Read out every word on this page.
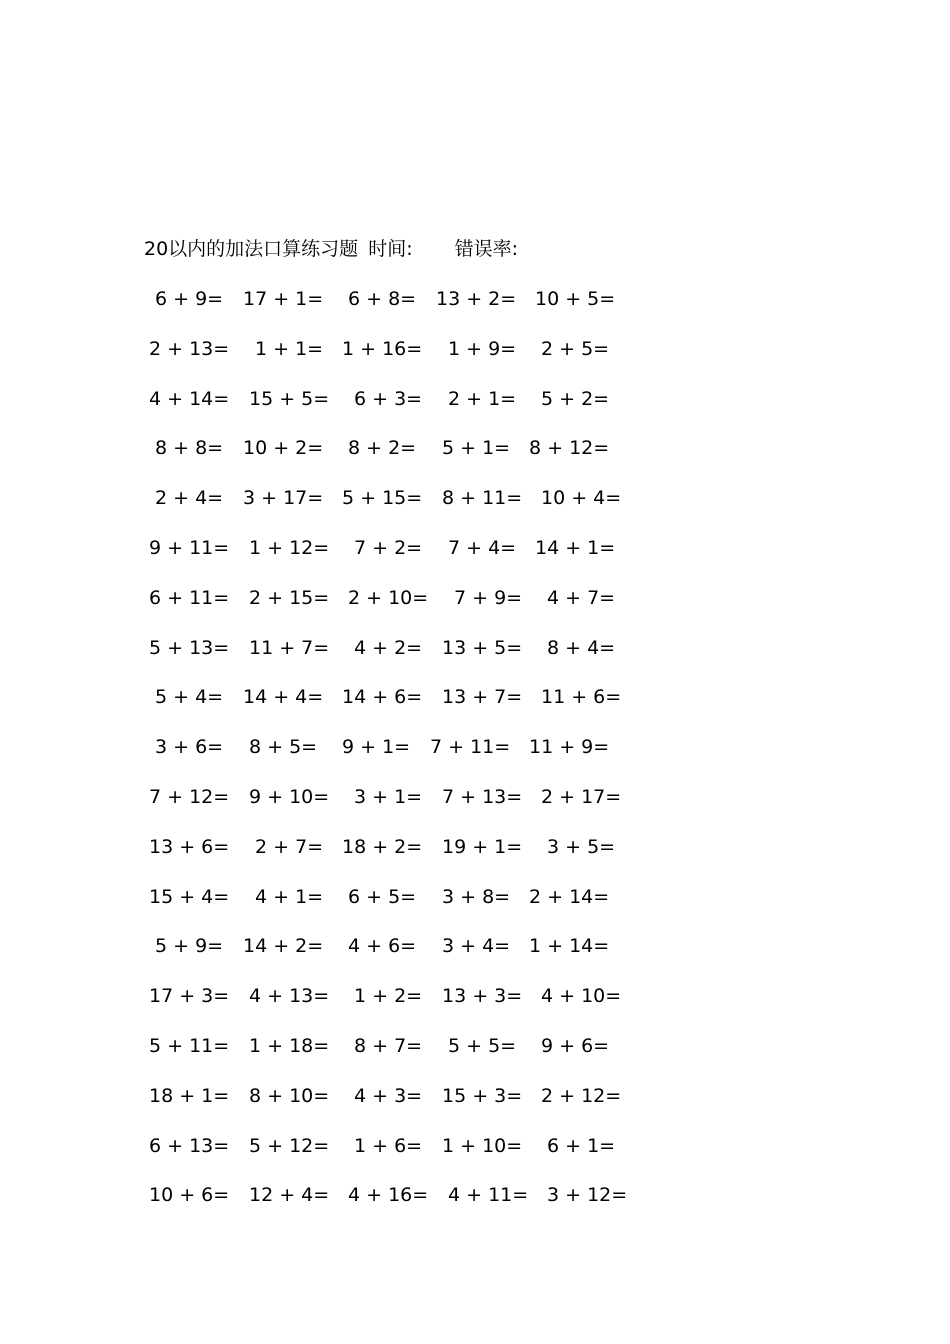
20以内的加法口算练习题 时间: 错误率:
6 + 9= 17 + 1= 6 + 8= 13 + 2= 10 + 5=
2 + 13= 1 + 1= 1 + 16= 1 + 9= 2 + 5=
4 + 14= 15 + 5= 6 + 3= 2 + 1= 5 + 2=
8 + 8= 10 + 2= 8 + 2= 5 + 1= 8 + 12=
2 + 4= 3 + 17= 5 + 15= 8 + 11= 10 + 4=
9 + 11= 1 + 12= 7 + 2= 7 + 4= 14 + 1=
6 + 11= 2 + 15= 2 + 10= 7 + 9= 4 + 7=
5 + 13= 11 + 7= 4 + 2= 13 + 5= 8 + 4=
5 + 4= 14 + 4= 14 + 6= 13 + 7= 11 + 6=
3 + 6= 8 + 5= 9 + 1= 7 + 11= 11 + 9=
7 + 12= 9 + 10= 3 + 1= 7 + 13= 2 + 17=
13 + 6= 2 + 7= 18 + 2= 19 + 1= 3 + 5=
15 + 4= 4 + 1= 6 + 5= 3 + 8= 2 + 14=
5 + 9= 14 + 2= 4 + 6= 3 + 4= 1 + 14=
17 + 3= 4 + 13= 1 + 2= 13 + 3= 4 + 10=
5 + 11= 1 + 18= 8 + 7= 5 + 5= 9 + 6=
18 + 1= 8 + 10= 4 + 3= 15 + 3= 2 + 12=
6 + 13= 5 + 12= 1 + 6= 1 + 10= 6 + 1=
10 + 6= 12 + 4= 4 + 16= 4 + 11= 3 + 12=
